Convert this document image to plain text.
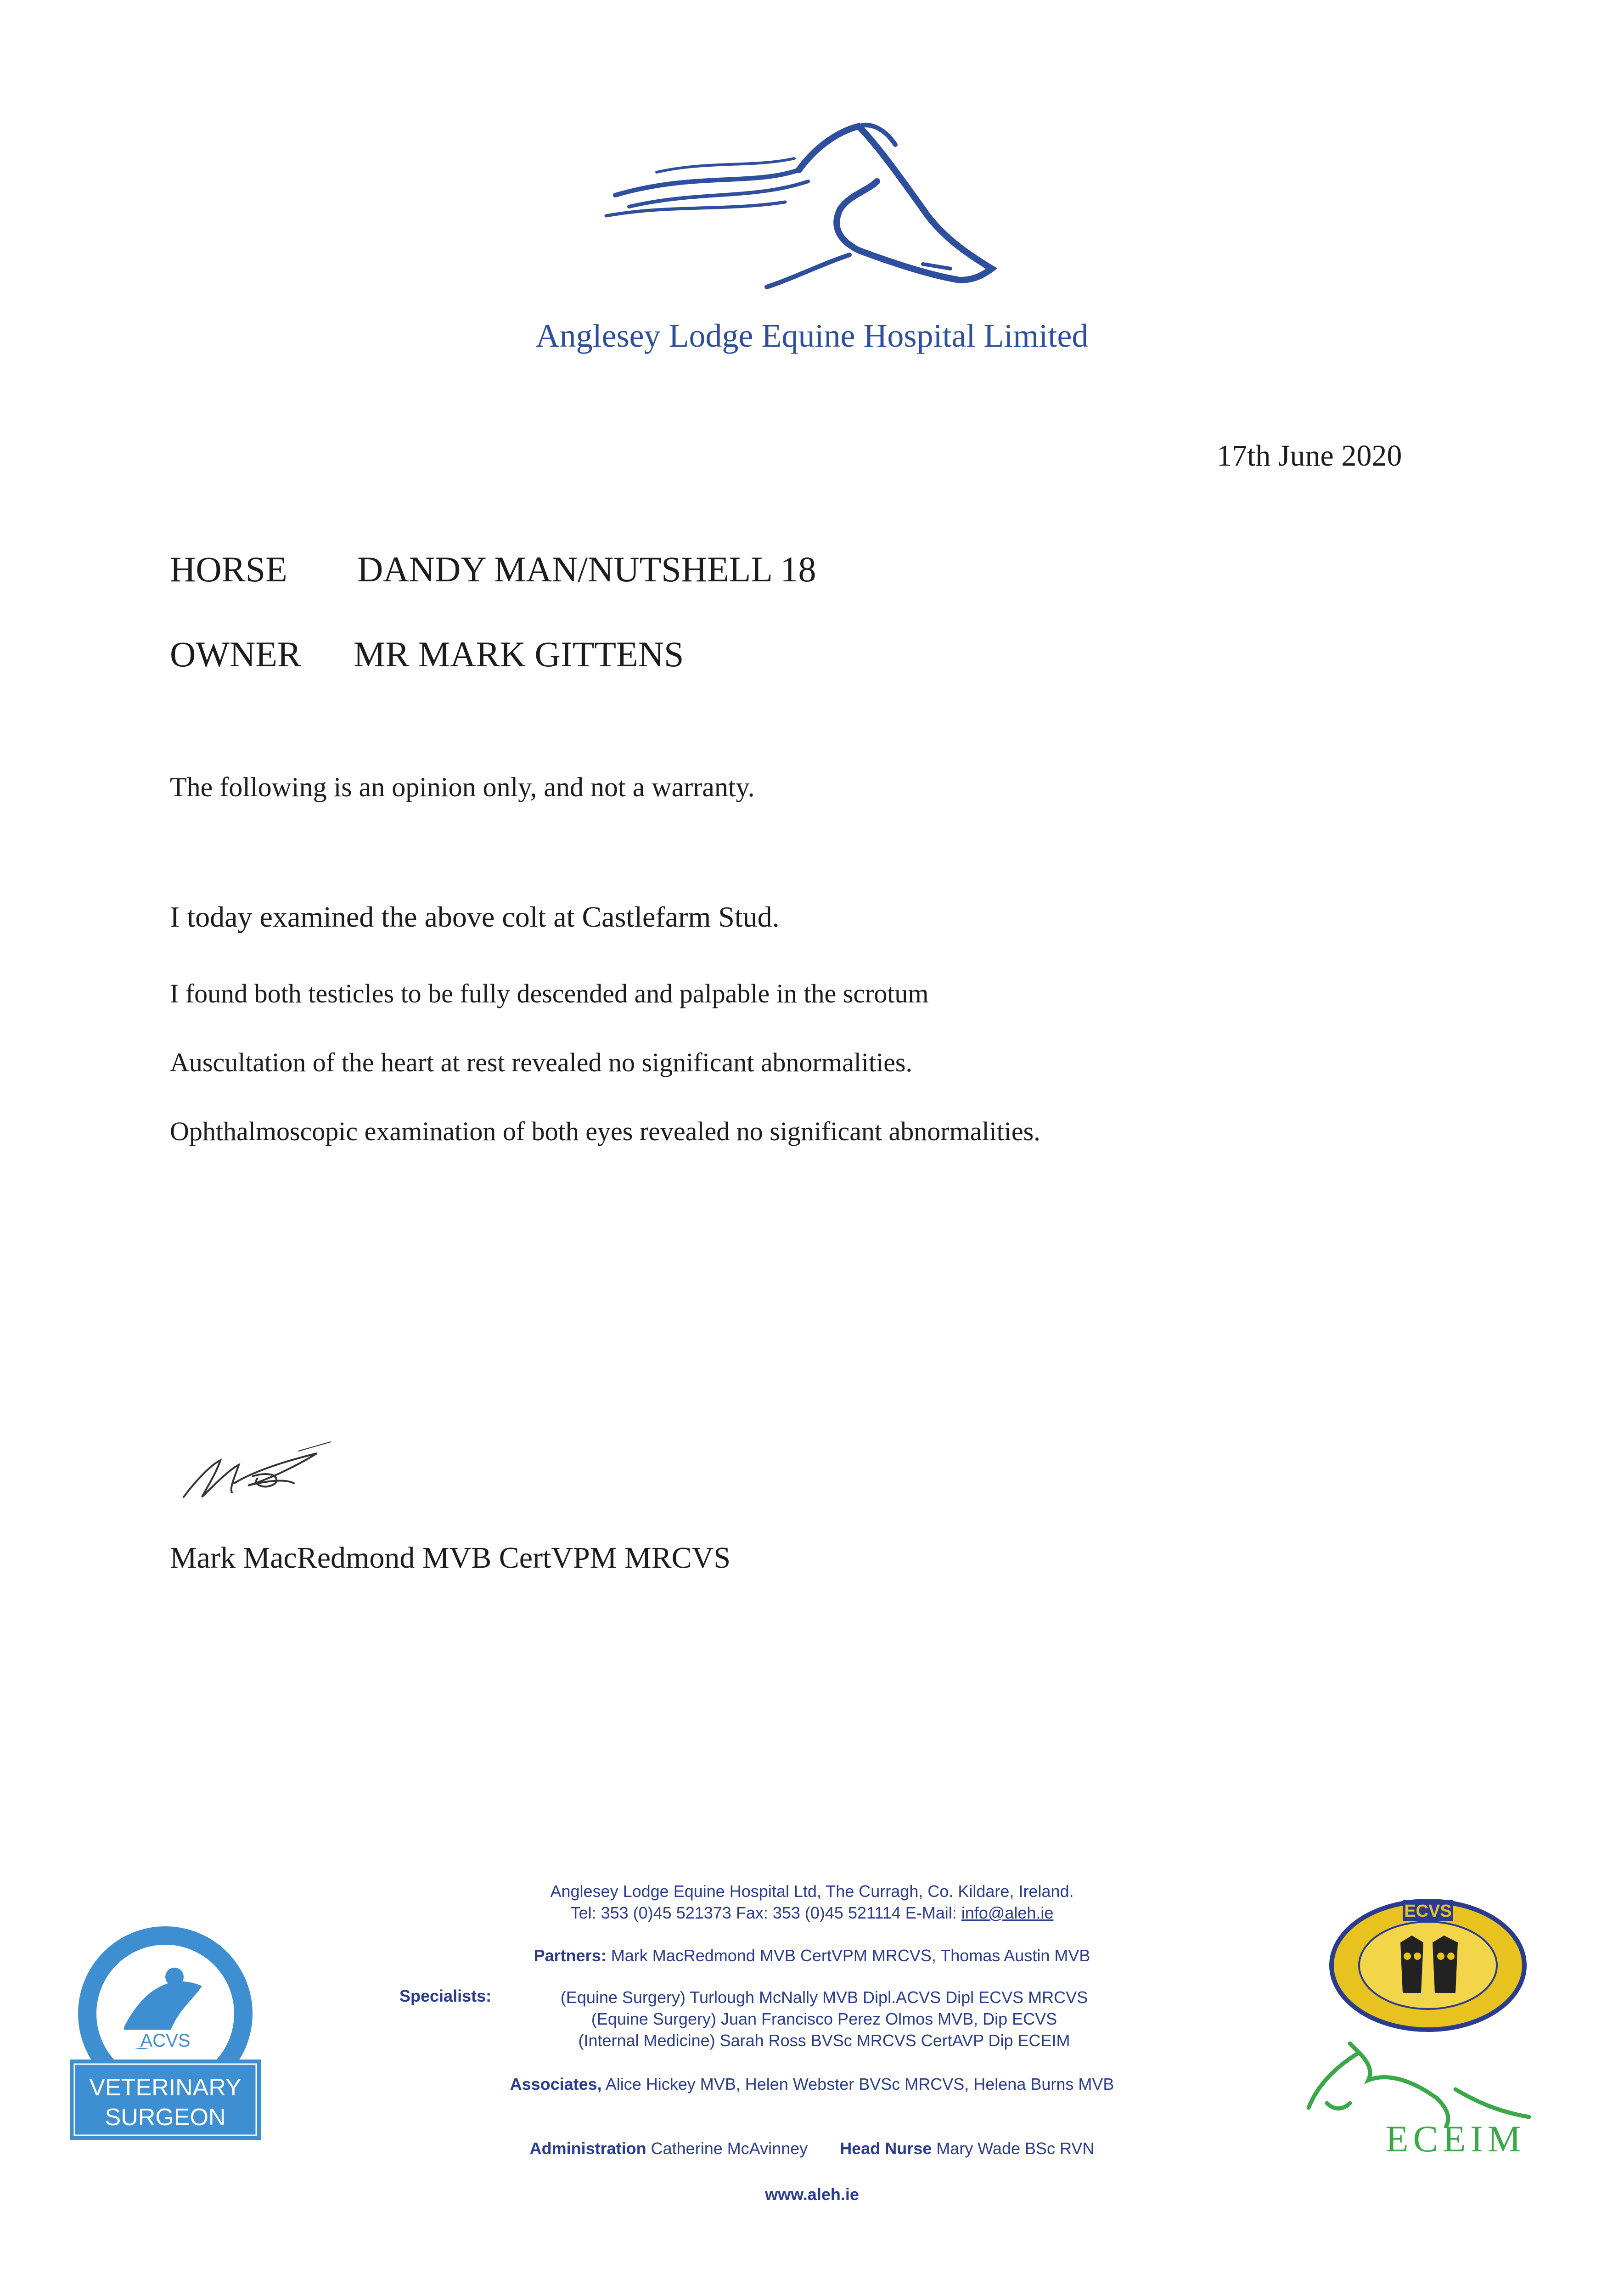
Anglesey Lodge Equine Hospital Limited
17th June 2020
HORSE DANDY MAN/NUTSHELL 18
OWNER MR MARK GITTENS
The following is an opinion only, and not a warranty.
I today examined the above colt at Castlefarm Stud.
I found both testicles to be fully descended and palpable in the scrotum
Auscultation of the heart at rest revealed no significant abnormalities.
Ophthalmoscopic examination of both eyes revealed no significant abnormalities.
Mark MacRedmond MVB CertVPM MRCVS
Anglesey Lodge Equine Hospital Ltd, The Curragh, Co. Kildare, Ireland.
Tel: 353 (0)45 521373 Fax: 353 (0)45 521114 E-Mail: info@aleh.ie
Partners: Mark MacRedmond MVB CertVPM MRCVS, Thomas Austin MVB
Specialists:	(Equine Surgery) Turlough McNally MVB Dipl.ACVS Dipl ECVS MRCVS
(Equine Surgery) Juan Francisco Perez Olmos MVB, Dip ECVS
(Internal Medicine) Sarah Ross BVSc MRCVS CertAVP Dip ECEIM
Associates, Alice Hickey MVB, Helen Webster BVSc MRCVS, Helena Burns MVB
Administration Catherine McAvinney Head Nurse Mary Wade BSc RVN
www.aleh.ie
ACVS
VETERINARY
SURGEON
ECVS
ECEIM
